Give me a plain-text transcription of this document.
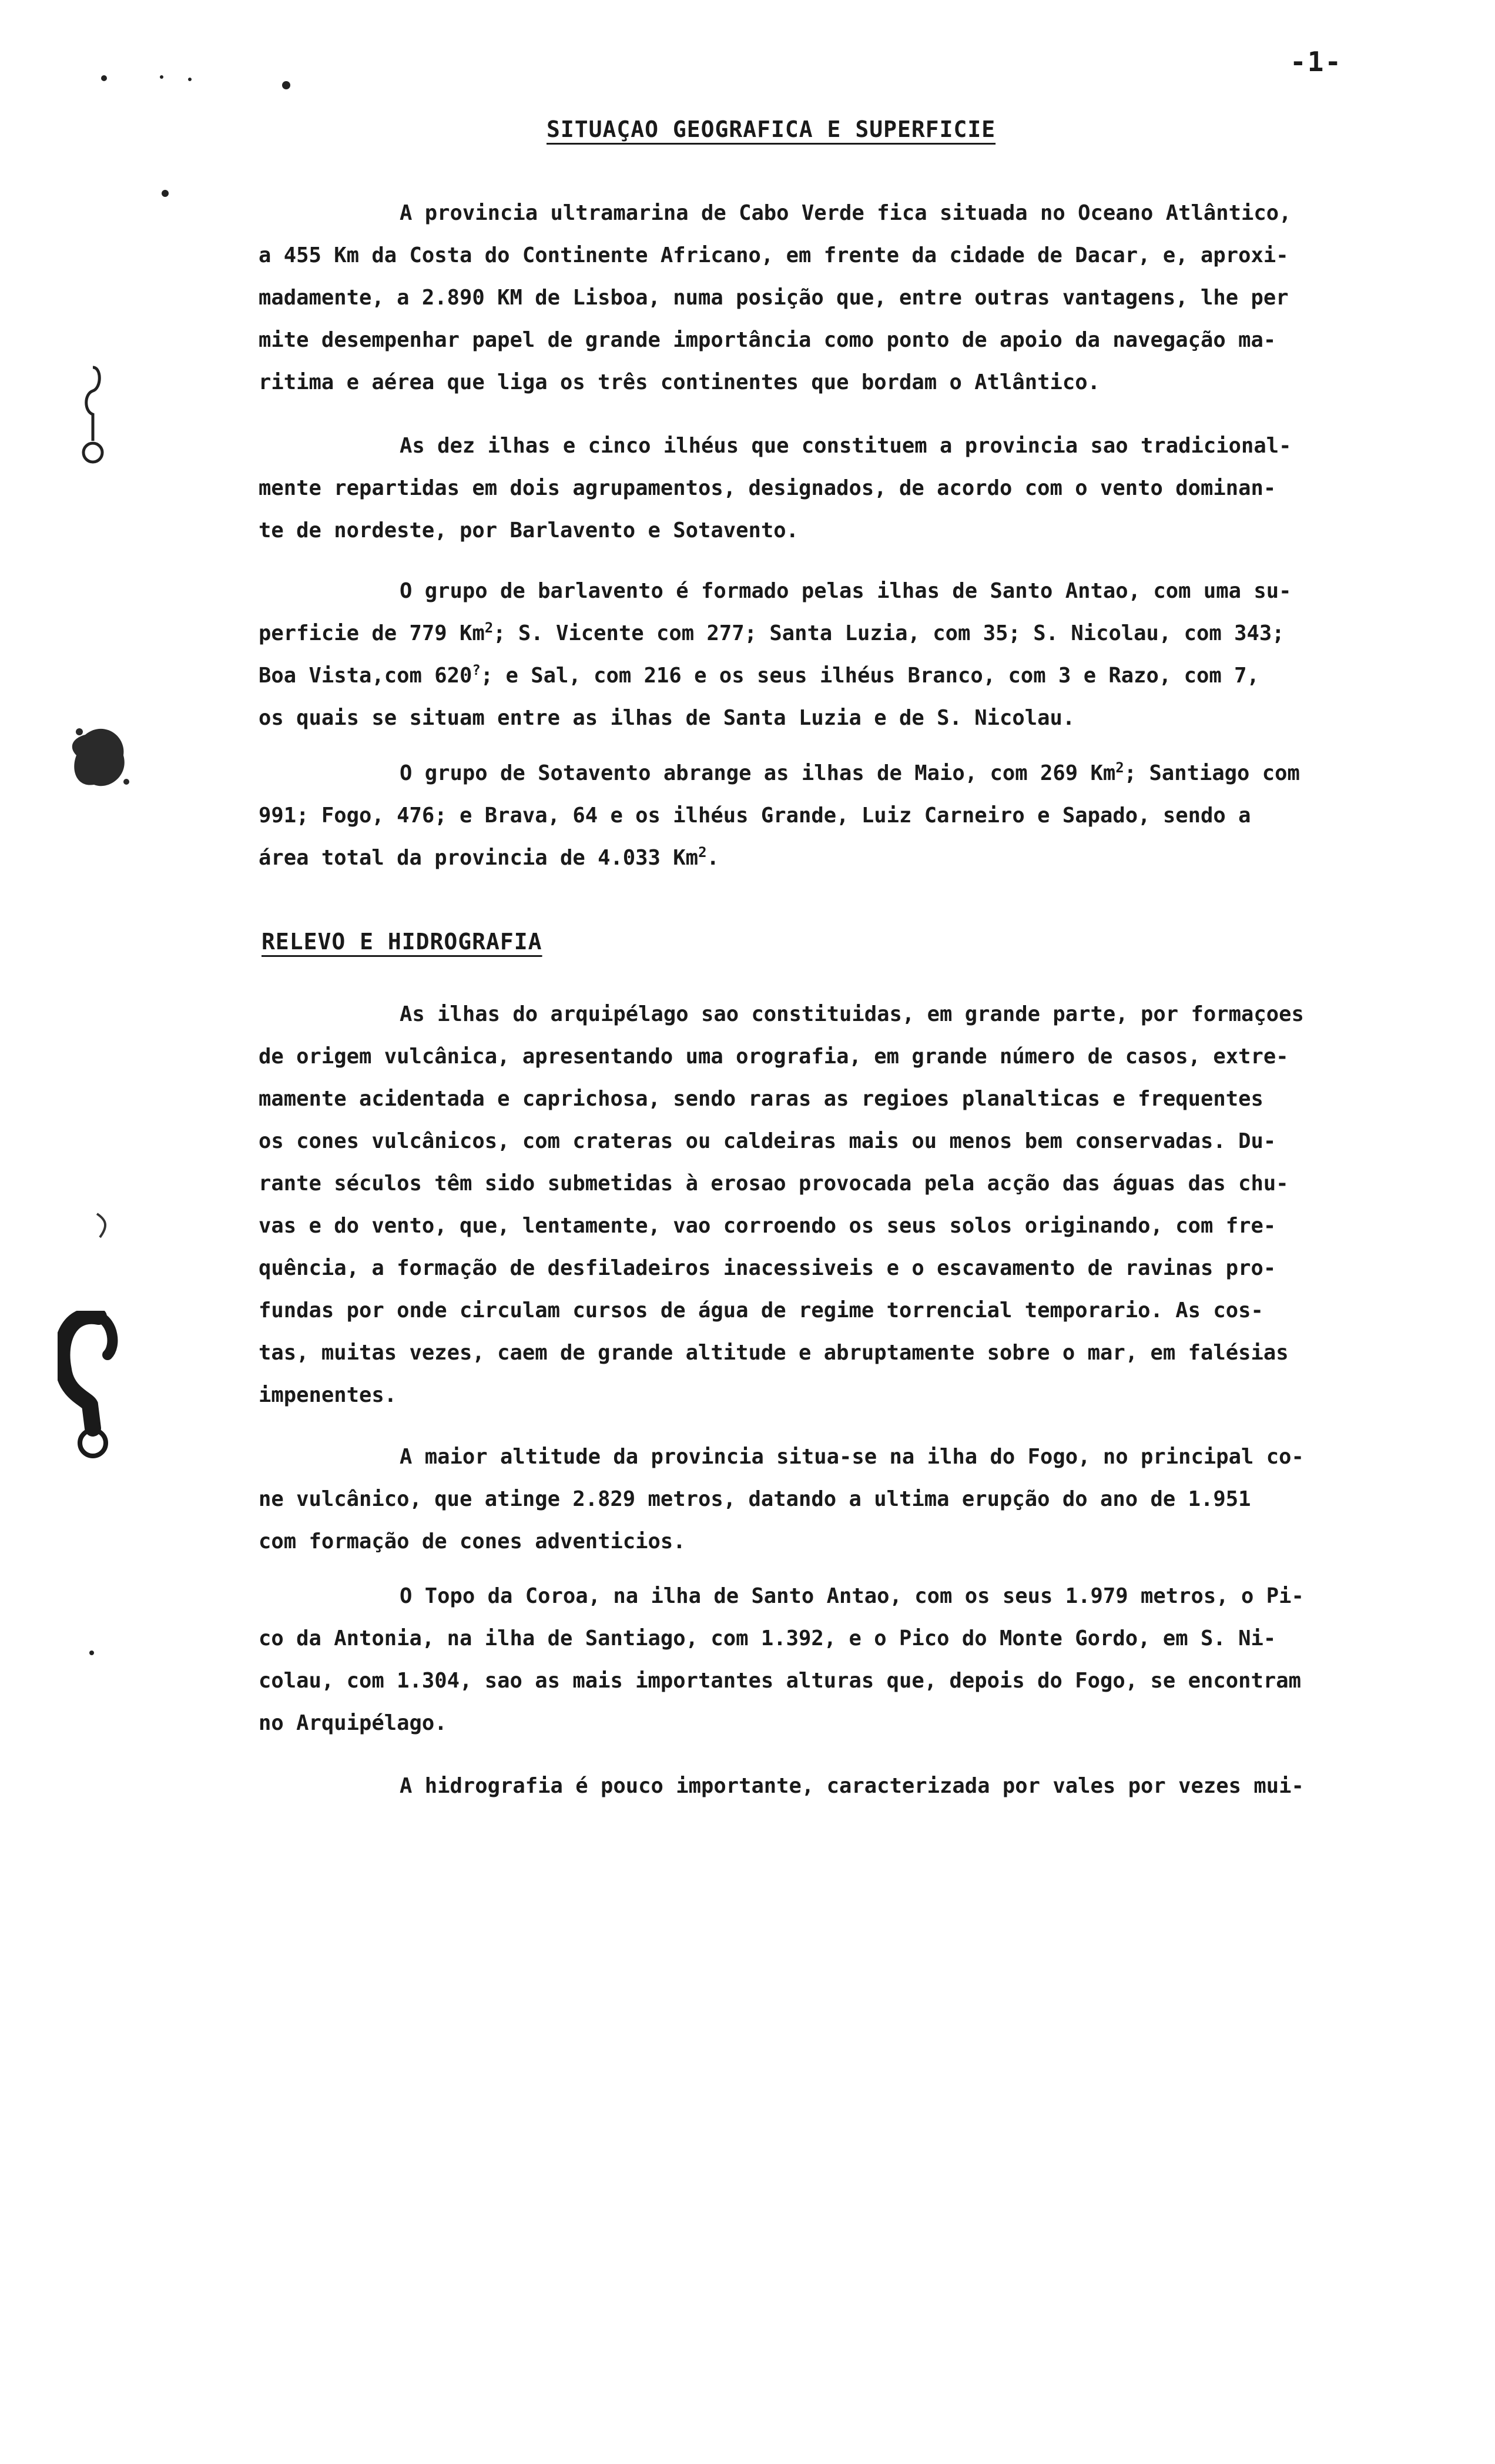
-1-
SITUAÇAO GEOGRAFICA E SUPERFICIE
A provincia ultramarina de Cabo Verde fica situada no Oceano Atlântico,
a 455 Km da Costa do Continente Africano, em frente da cidade de Dacar, e, aproxi-
madamente, a 2.890 KM de Lisboa, numa posição que, entre outras vantagens, lhe per
mite desempenhar papel de grande importância como ponto de apoio da navegação ma-
ritima e aérea que liga os três continentes que bordam o Atlântico.
As dez ilhas e cinco ilhéus que constituem a provincia sao tradicional-
mente repartidas em dois agrupamentos, designados, de acordo com o vento dominan-
te de nordeste, por Barlavento e Sotavento.
O grupo de barlavento é formado pelas ilhas de Santo Antao, com uma su-
perficie de 779 Km$^2$; S. Vicente com 277; Santa Luzia, com 35; S. Nicolau, com 343;
Boa Vista,com 620?; e Sal, com 216 e os seus ilhéus Branco, com 3 e Razo, com 7,
os quais se situam entre as ilhas de Santa Luzia e de S. Nicolau.
O grupo de Sotavento abrange as ilhas de Maio, com 269 Km$^2$; Santiago com
991; Fogo, 476; e Brava, 64 e os ilhéus Grande, Luiz Carneiro e Sapado, sendo a
área total da provincia de 4.033 Km$^2$.
RELEVO E HIDROGRAFIA
As ilhas do arquipélago sao constituidas, em grande parte, por formaçoes
de origem vulcânica, apresentando uma orografia, em grande número de casos, extre-
mamente acidentada e caprichosa, sendo raras as regioes planalticas e frequentes
os cones vulcânicos, com crateras ou caldeiras mais ou menos bem conservadas. Du-
rante séculos têm sido submetidas à erosao provocada pela acção das águas das chu-
vas e do vento, que, lentamente, vao corroendo os seus solos originando, com fre-
quência, a formação de desfiladeiros inacessiveis e o escavamento de ravinas pro-
fundas por onde circulam cursos de água de regime torrencial temporario. As cos-
tas, muitas vezes, caem de grande altitude e abruptamente sobre o mar, em falésias
impenentes.
A maior altitude da provincia situa-se na ilha do Fogo, no principal co-
ne vulcânico, que atinge 2.829 metros, datando a ultima erupção do ano de 1.951
com formação de cones adventicios.
O Topo da Coroa, na ilha de Santo Antao, com os seus 1.979 metros, o Pi-
co da Antonia, na ilha de Santiago, com 1.392, e o Pico do Monte Gordo, em S. Ni-
colau, com 1.304, sao as mais importantes alturas que, depois do Fogo, se encontram
no Arquipélago.
A hidrografia é pouco importante, caracterizada por vales por vezes mui-
